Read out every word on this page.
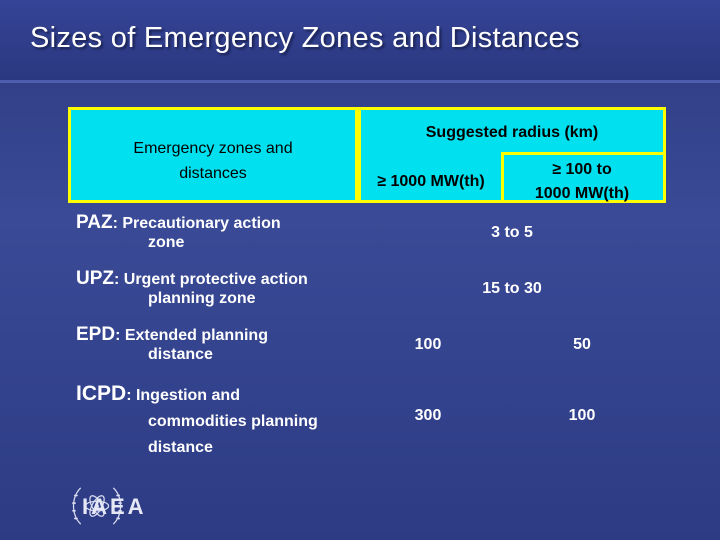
Sizes of Emergency Zones and Distances
Emergency zones and
distances
Suggested radius (km)
≥ 1000 MW(th)
≥ 100 to
1000 MW(th)
PAZ: Precautionary action
zone
3 to 5
UPZ: Urgent protective action
planning zone
15 to 30
EPD: Extended planning
distance
100	50
ICPD: Ingestion and
commodities planning
distance
300	100
IAEA
